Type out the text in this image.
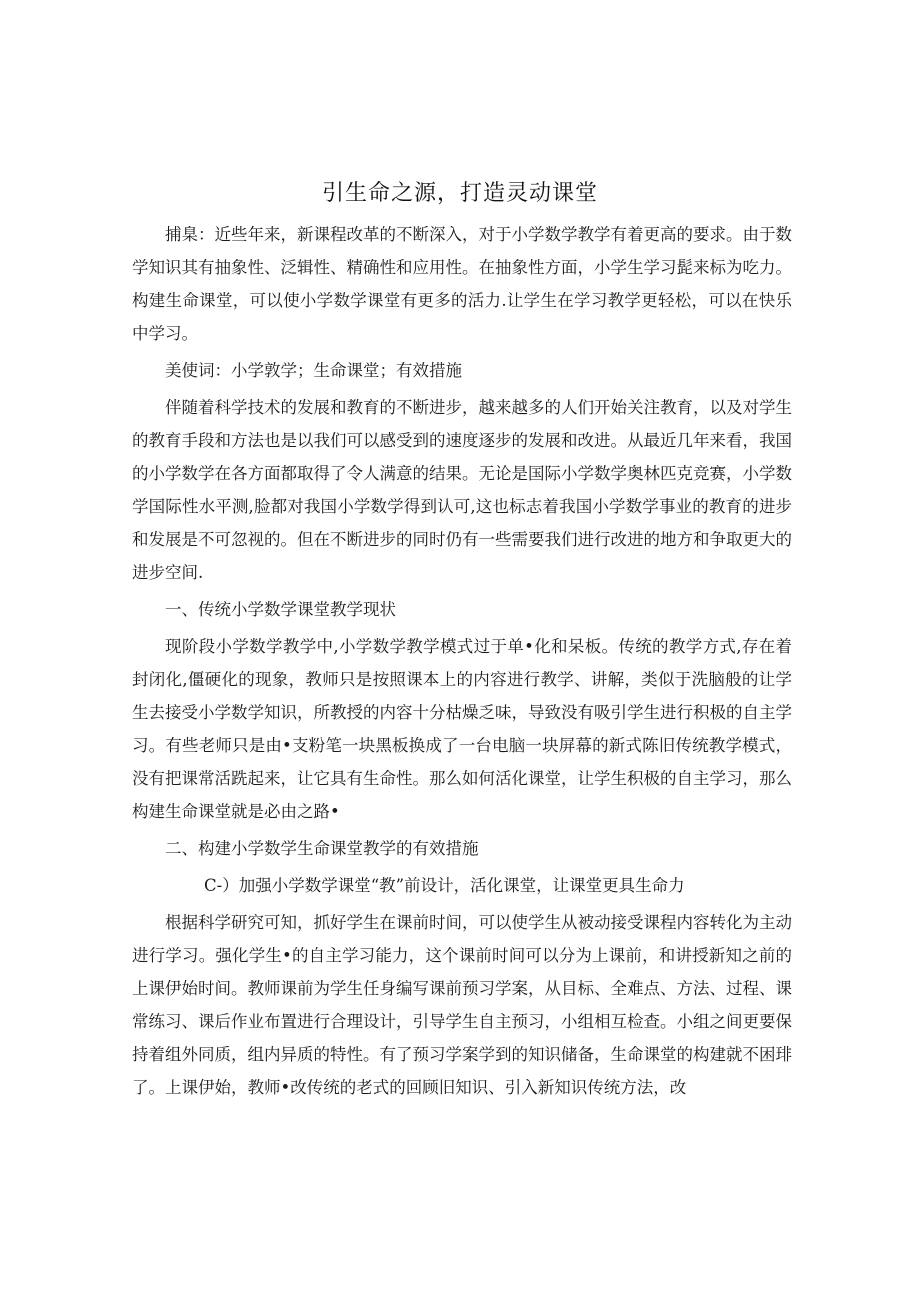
引生命之源，打造灵动课堂

捕臬：近些年来，新课程改革的不断深入，对于小学数学教学有着更高的要求。由于数学知识其有抽象性、泛辑性、精确性和应用性。在抽象性方面，小学生学习髭来标为吃力。构建生命课堂，可以使小学数学课堂有更多的活力.让学生在学习教学更轻松，可以在快乐中学习。

美使词：小学敦学；生命课堂；有效措施

伴随着科学技术的发展和教育的不断进步，越来越多的人们开始关注教育，以及对学生的教育手段和方法也是以我们可以感受到的速度逐步的发展和改进。从最近几年来看，我国的小学数学在各方面都取得了令人满意的结果。无论是国际小学数学奥林匹克竞赛，小学数学国际性水平测,脸都对我国小学数学得到认可,这也标志着我国小学数学事业的教育的进步和发展是不可忽视的。但在不断进步的同时仍有一些需要我们进行改进的地方和争取更大的进步空间.

一、传统小学数学课堂教学现状

现阶段小学数学教学中,小学数学教学模式过于单•化和呆板。传统的教学方式,存在着封闭化,僵硬化的现象，教师只是按照课本上的内容进行教学、讲解，类似于洗脑般的让学生去接受小学数学知识，所教授的内容十分枯燥乏味，导致没有吸引学生进行积极的自主学习。有些老师只是由•支粉笔一块黑板换成了一台电脑一块屏幕的新式陈旧传统教学模式，没有把课常活跣起来，让它具有生命性。那么如何活化课堂，让学生积极的自主学习，那么构建生命课堂就是必由之路•

二、构建小学数学生命课堂教学的有效措施

C-）加强小学数学课堂“教”前设计，活化课堂，让课堂更具生命力

根据科学研究可知，抓好学生在课前时间，可以使学生从被动接受课程内容转化为主动进行学习。强化学生•的自主学习能力，这个课前时间可以分为上课前，和讲授新知之前的上课伊始时间。教师课前为学生任身编写课前预习学案，从目标、全难点、方法、过程、课常练习、课后作业布置进行合理设计，引导学生自主预习，小组相互检查。小组之间更要保持着组外同质，组内异质的特性。有了预习学案学到的知识储备，生命课堂的构建就不困琲了。上课伊始，教师•改传统的老式的回顾旧知识、引入新知识传统方法，改
